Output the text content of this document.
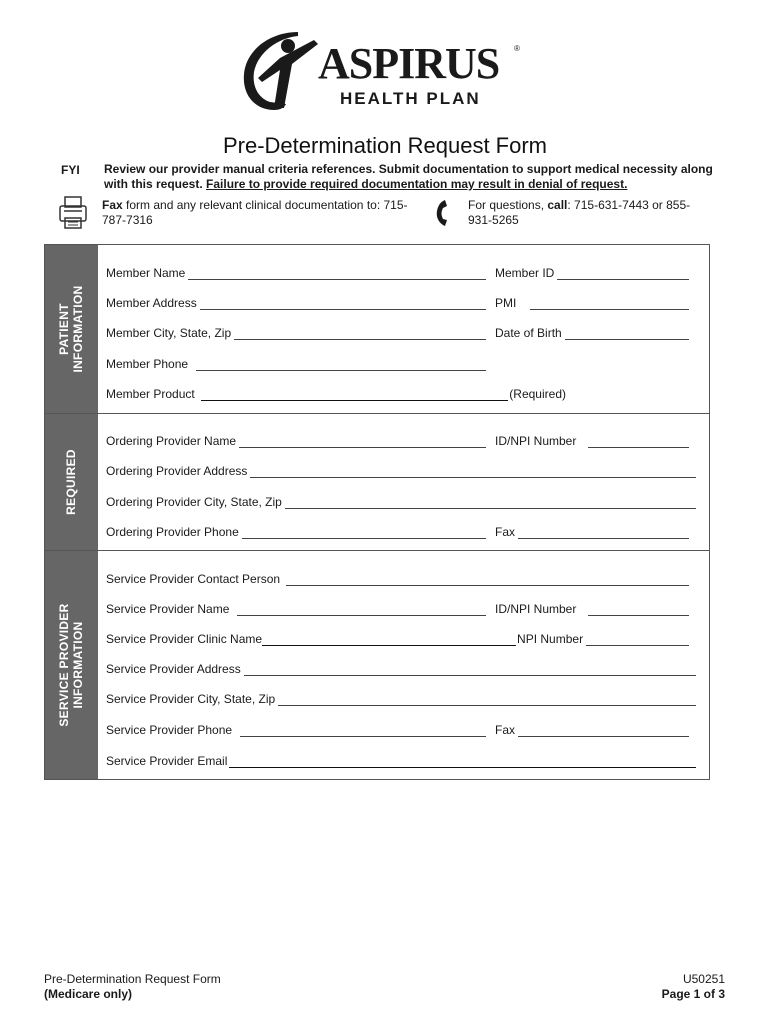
ASPIRUS ®
HEALTH PLAN
Pre-Determination Request Form
FYI Review our provider manual criteria references. Submit documentation to support medical necessity along with this request. Failure to provide required documentation may result in denial of request.
Fax form and any relevant clinical documentation to: 715-787-7316
For questions, call: 715-631-7443 or 855-931-5265
PATIENT INFORMATION
Member Name	Member ID
Member Address	PMI
Member City, State, Zip	Date of Birth
Member Phone
Member Product	(Required)
REQUIRED
Ordering Provider Name	ID/NPI Number
Ordering Provider Address
Ordering Provider City, State, Zip
Ordering Provider Phone	Fax
SERVICE PROVIDER INFORMATION
Service Provider Contact Person
Service Provider Name	ID/NPI Number
Service Provider Clinic Name	NPI Number
Service Provider Address
Service Provider City, State, Zip
Service Provider Phone	Fax
Service Provider Email
Pre-Determination Request Form
(Medicare only)
U50251
Page 1 of 3
